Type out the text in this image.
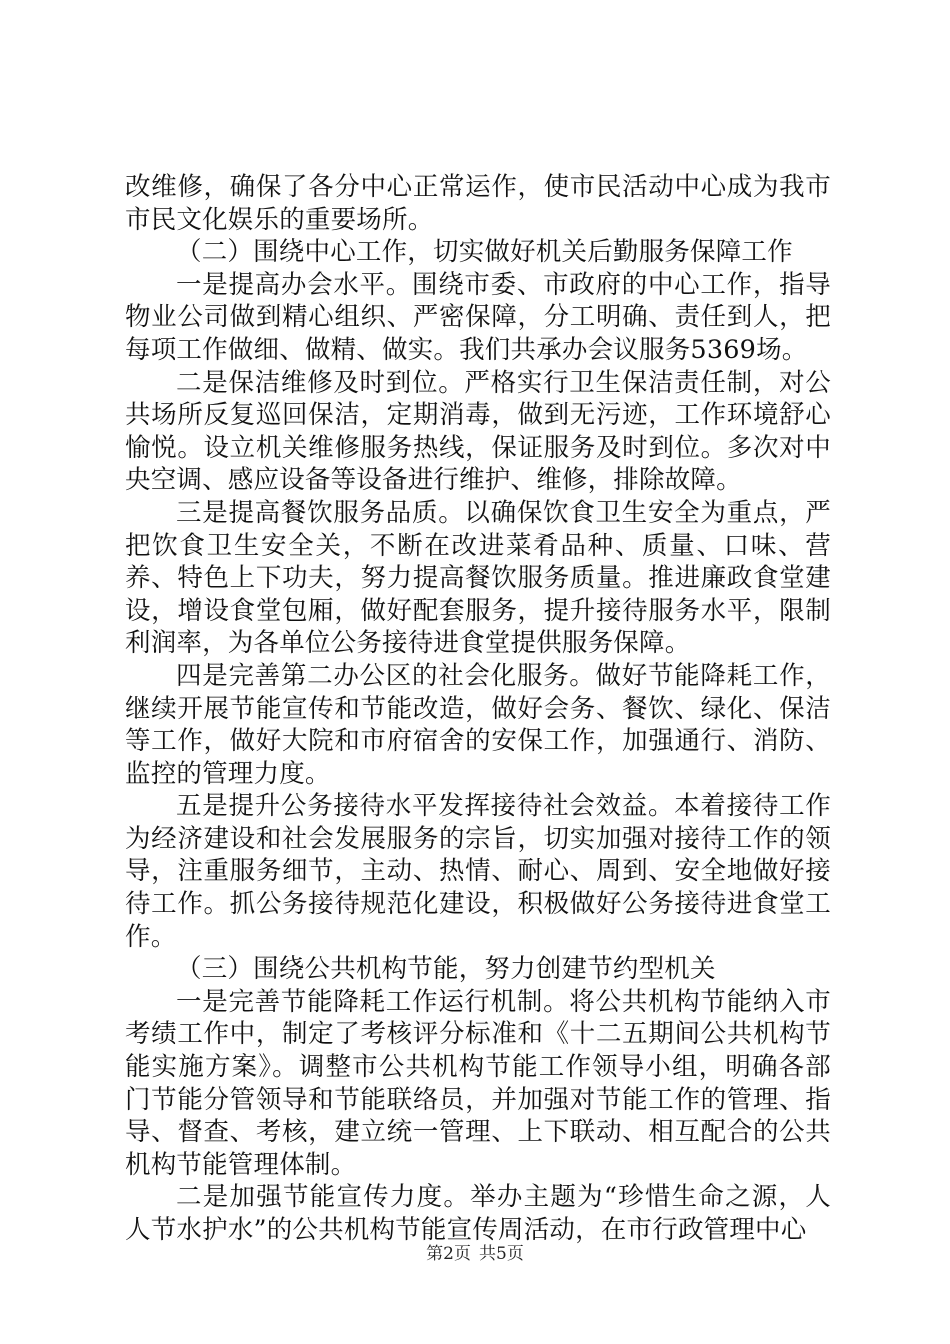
改维修，确保了各分中心正常运作，使市民活动中心成为我市市民文化娱乐的重要场所。

（二）围绕中心工作，切实做好机关后勤服务保障工作

一是提高办会水平。围绕市委、市政府的中心工作，指导物业公司做到精心组织、严密保障，分工明确、责任到人，把每项工作做细、做精、做实。我们共承办会议服务5369场。

二是保洁维修及时到位。严格实行卫生保洁责任制，对公共场所反复巡回保洁，定期消毒，做到无污迹，工作环境舒心愉悦。设立机关维修服务热线，保证服务及时到位。多次对中央空调、感应设备等设备进行维护、维修，排除故障。

三是提高餐饮服务品质。以确保饮食卫生安全为重点，严把饮食卫生安全关，不断在改进菜肴品种、质量、口味、营养、特色上下功夫，努力提高餐饮服务质量。推进廉政食堂建设，增设食堂包厢，做好配套服务，提升接待服务水平，限制利润率，为各单位公务接待进食堂提供服务保障。

四是完善第二办公区的社会化服务。做好节能降耗工作，继续开展节能宣传和节能改造，做好会务、餐饮、绿化、保洁等工作，做好大院和市府宿舍的安保工作，加强通行、消防、监控的管理力度。

五是提升公务接待水平发挥接待社会效益。本着接待工作为经济建设和社会发展服务的宗旨，切实加强对接待工作的领导，注重服务细节，主动、热情、耐心、周到、安全地做好接待工作。抓公务接待规范化建设，积极做好公务接待进食堂工作。

（三）围绕公共机构节能，努力创建节约型机关

一是完善节能降耗工作运行机制。将公共机构节能纳入市考绩工作中，制定了考核评分标准和《十二五期间公共机构节能实施方案》。调整市公共机构节能工作领导小组，明确各部门节能分管领导和节能联络员，并加强对节能工作的管理、指导、督查、考核，建立统一管理、上下联动、相互配合的公共机构节能管理体制。

二是加强节能宣传力度。举办主题为“珍惜生命之源，人人节水护水”的公共机构节能宣传周活动，在市行政管理中心

第2页 共5页
